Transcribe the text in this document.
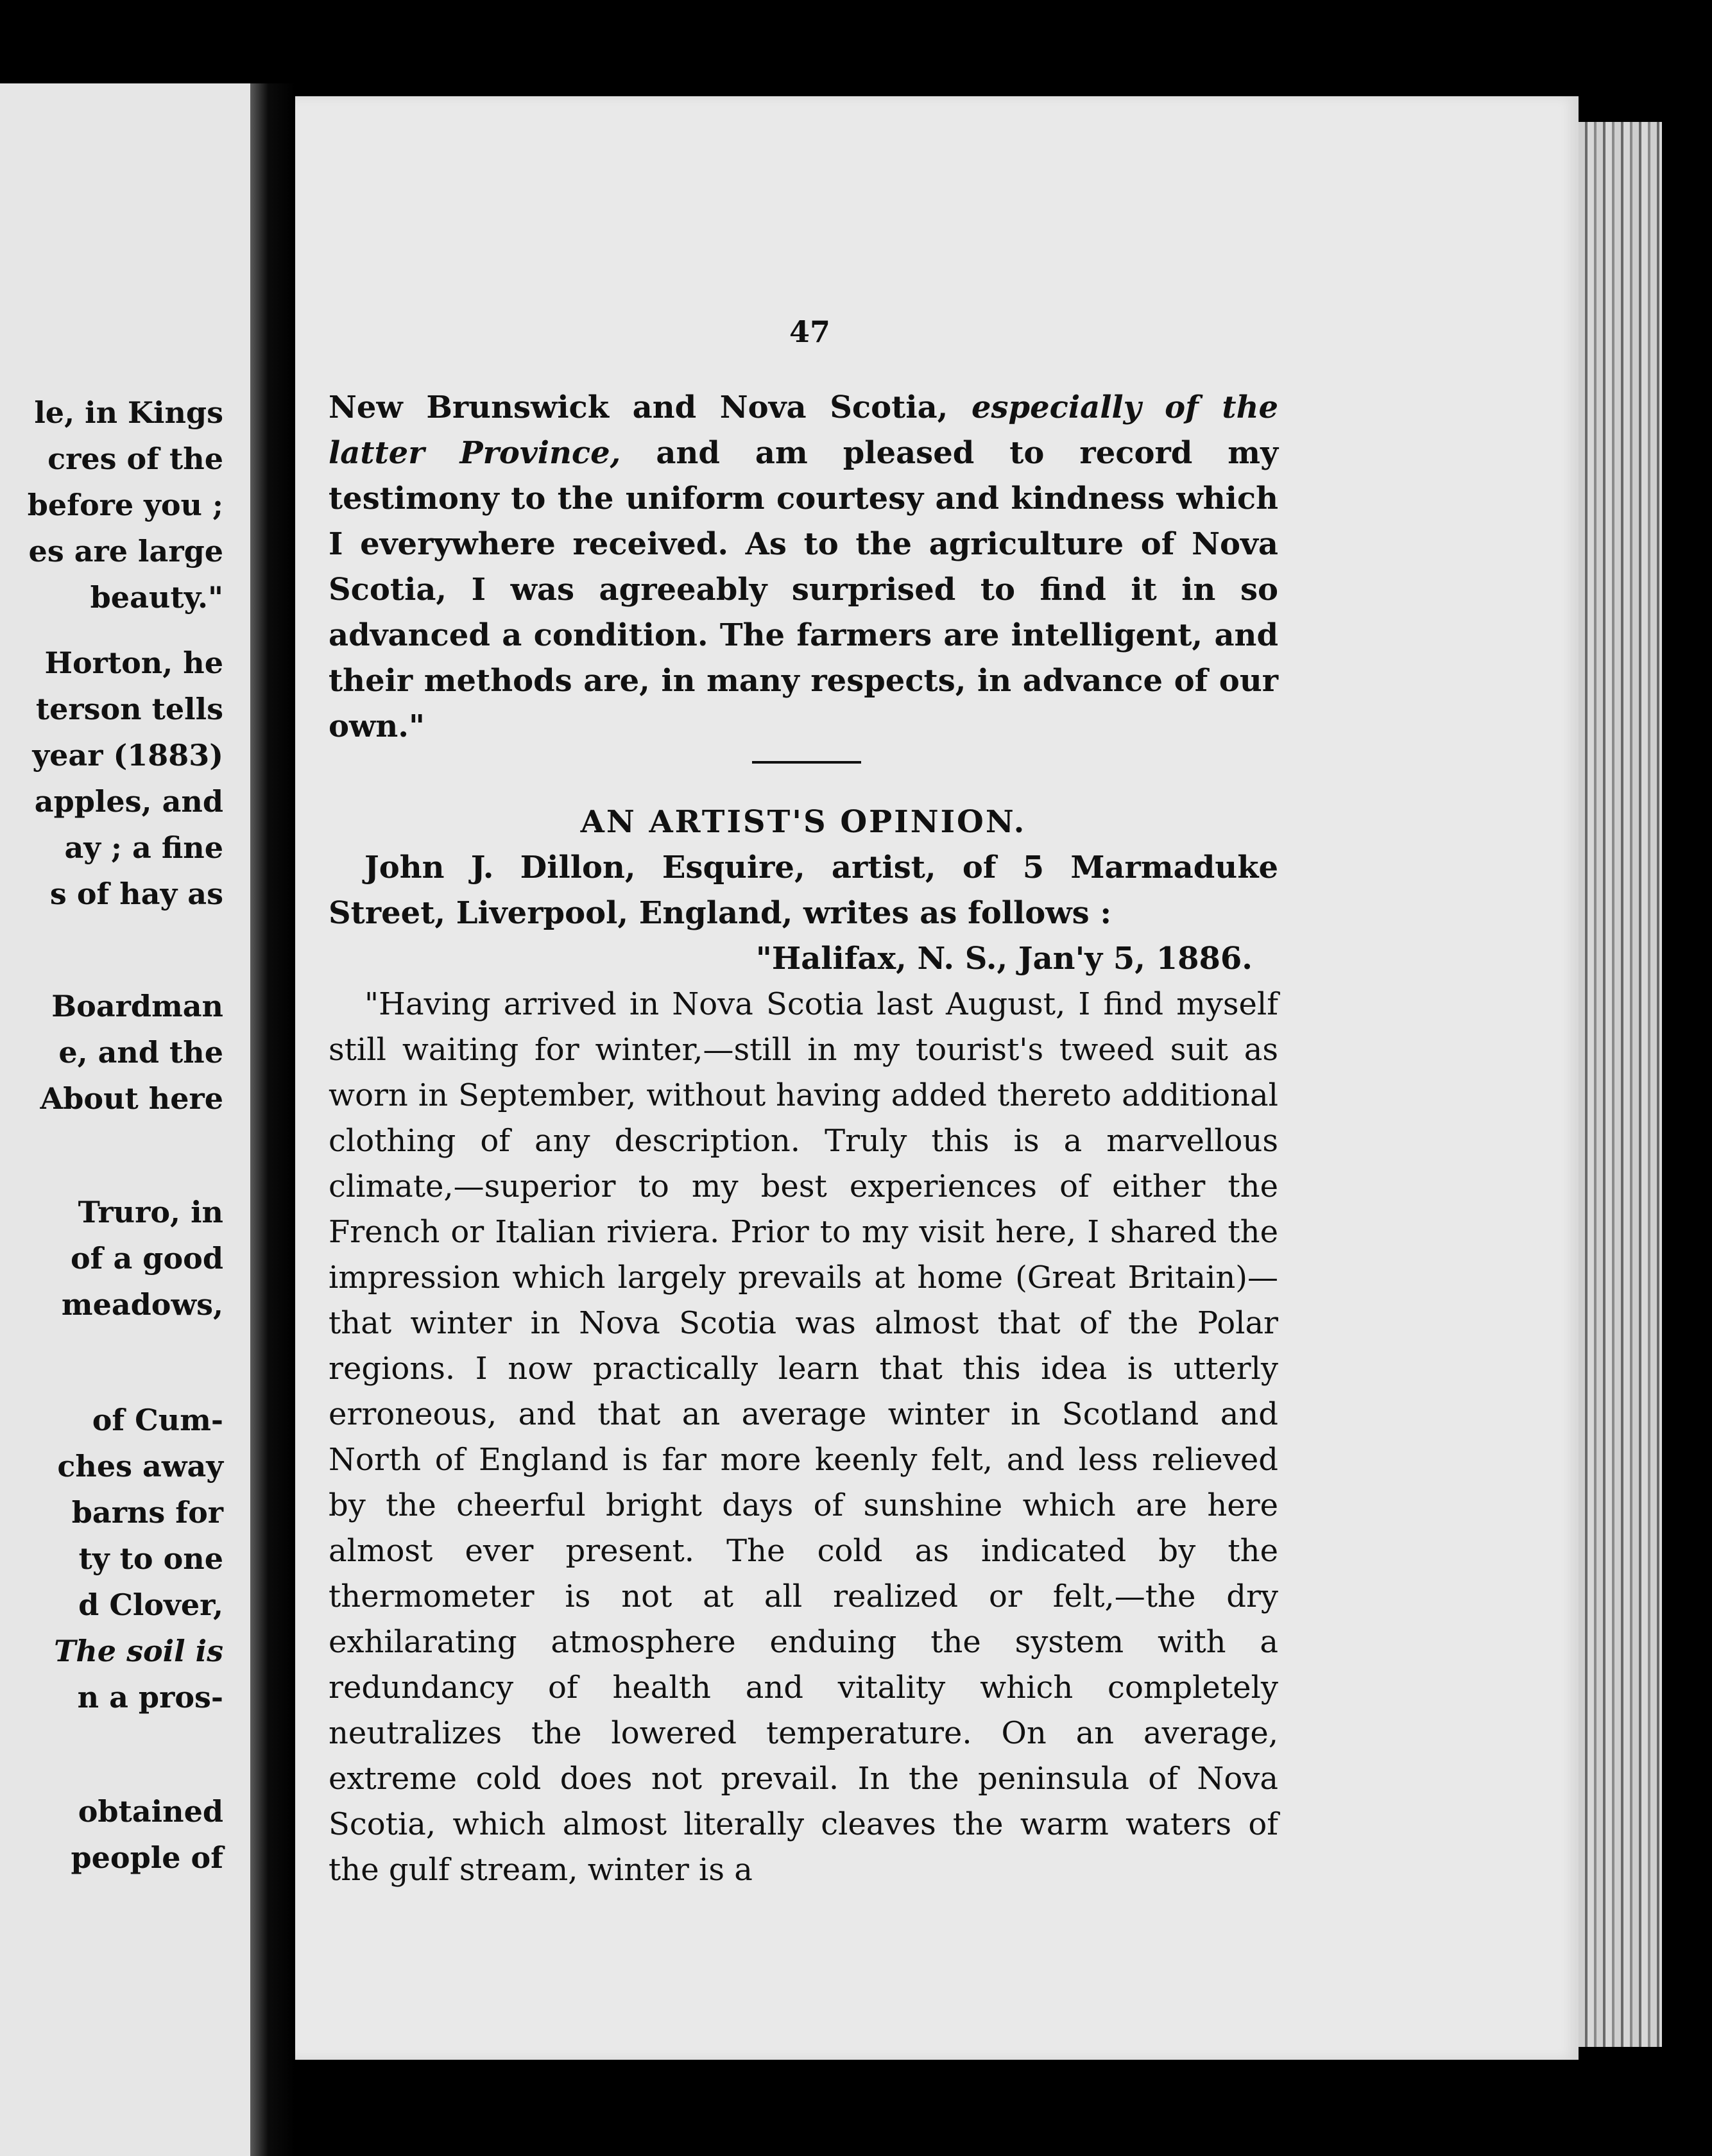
le, in Kings
cres of the
before you ;
es are large
beauty."
Horton, he
terson tells
year (1883)
apples, and
ay ; a fine
s of hay as
Boardman
e, and the
About here
Truro, in
of a good
meadows,
of Cum-
ches away
barns for
ty to one
d Clover,
The soil is
n a pros-
obtained
people of
47

New Brunswick and Nova Scotia, especially of the latter Province, and am pleased to record my testimony to the uniform courtesy and kindness which I everywhere received. As to the agriculture of Nova Scotia, I was agreeably surprised to find it in so advanced a condition. The farmers are intelligent, and their methods are, in many respects, in advance of our own."

AN ARTIST'S OPINION.

John J. Dillon, Esquire, artist, of 5 Marmaduke Street, Liverpool, England, writes as follows :

"Halifax, N. S., Jan'y 5, 1886.

"Having arrived in Nova Scotia last August, I find myself still waiting for winter,—still in my tourist's tweed suit as worn in September, without having added thereto additional clothing of any description. Truly this is a marvellous climate,—superior to my best experiences of either the French or Italian riviera. Prior to my visit here, I shared the impression which largely prevails at home (Great Britain)—that winter in Nova Scotia was almost that of the Polar regions. I now practically learn that this idea is utterly erroneous, and that an average winter in Scotland and North of England is far more keenly felt, and less relieved by the cheerful bright days of sunshine which are here almost ever present. The cold as indicated by the thermometer is not at all realized or felt,—the dry exhilarating atmosphere enduing the system with a redundancy of health and vitality which completely neutralizes the lowered temperature. On an average, extreme cold does not prevail. In the peninsula of Nova Scotia, which almost literally cleaves the warm waters of the gulf stream, winter is a
